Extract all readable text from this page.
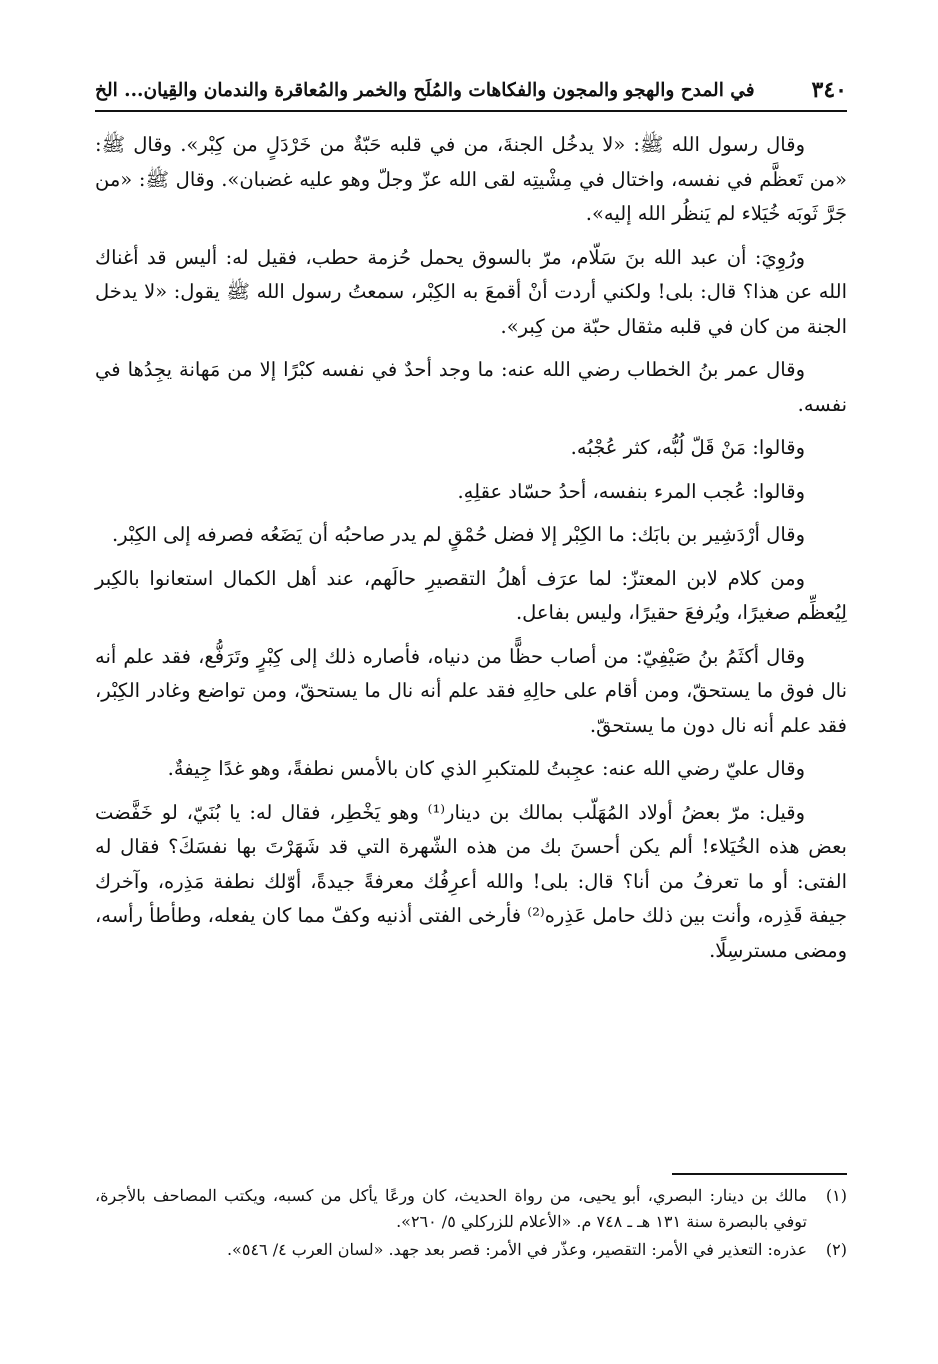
٣٤٠
في المدح والهجو والمجون والفكاهات والمُلَح والخمر والمُعاقرة والندمان والقِيان... الخ

وقال رسول الله ﷺ: «لا يدخُل الجنةَ، من في قلبه حَبّةٌ من خَرْدَلٍ من كِبْر». وقال ﷺ: «من تَعظَّم في نفسه، واختال في مِشْيتِه لقى الله عزّ وجلّ وهو عليه غضبان». وقال ﷺ: «من جَرَّ ثَوبَه خُيَلاء لم يَنظُر الله إليه».

ورُوِيَ: أن عبد الله بنَ سَلّام، مرّ بالسوق يحمل حُزمة حطب، فقيل له: أليس قد أغناك الله عن هذا؟ قال: بلى! ولكني أردت أنْ أقمعَ به الكِبْر، سمعتُ رسول الله ﷺ يقول: «لا يدخل الجنة من كان في قلبه مثقال حبّة من كِبر».

وقال عمر بنُ الخطاب رضي الله عنه: ما وجد أحدٌ في نفسه كبْرًا إلا من مَهانة يجِدُها في نفسه.

وقالوا: مَنْ قَلّ لُبُّه، كثر عُجْبُه.

وقالوا: عُجب المرء بنفسه، أحدُ حسّاد عقلِهِ.

وقال أرْدَشِير بن بابَك: ما الكِبْر إلا فضل حُمْقٍ لم يدر صاحبُه أن يَضَعُه فصرفه إلى الكِبْر.

ومن كلام لابن المعتزّ: لما عرَف أهلُ التقصيرِ حالَهم، عند أهل الكمال استعانوا بالكِبر لِيُعظِّم صغيرًا، ويُرفعَ حقيرًا، وليس بفاعل.

وقال أكثَمُ بنُ صَيْفِيّ: من أصاب حظًّا من دنياه، فأصاره ذلك إلى كِبْرٍ وتَرَفُّع، فقد علم أنه نال فوق ما يستحقّ، ومن أقام على حالِهِ فقد علم أنه نال ما يستحقّ، ومن تواضع وغادر الكِبْر، فقد علم أنه نال دون ما يستحقّ.

وقال عليّ رضي الله عنه: عجِبتُ للمتكبرِ الذي كان بالأمس نطفةً، وهو غدًا جِيفةٌ.

وقيل: مرّ بعضُ أولاد المُهَلّب بمالك بن دينار⁽¹⁾ وهو يَخْطِر، فقال له: يا بُنَيّ، لو خَفَّضت بعض هذه الخُيَلاء! ألم يكن أحسنَ بك من هذه الشّهرة التي قد شَهَرْتَ بها نفسَكَ؟ فقال له الفتى: أو ما تعرفُ من أنا؟ قال: بلى! والله أعرِفُك معرفةً جيدةً، أوّلك نطفة مَذِره، وآخرك جيفة قَذِره، وأنت بين ذلك حامل عَذِره⁽²⁾ فأرخى الفتى أذنيه وكفّ مما كان يفعله، وطأطأ رأسه، ومضى مسترسِلًا.

(١)
مالك بن دينار: البصري، أبو يحيى، من رواة الحديث، كان ورعًا يأكل من كسبه، ويكتب المصاحف بالأجرة، توفي بالبصرة سنة ١٣١ هـ ـ ٧٤٨ م. «الأعلام للزركلي ٥/ ٢٦٠».
(٢)
عذره: التعذير في الأمر: التقصير، وعذّر في الأمر: قصر بعد جهد. «لسان العرب ٤/ ٥٤٦».
